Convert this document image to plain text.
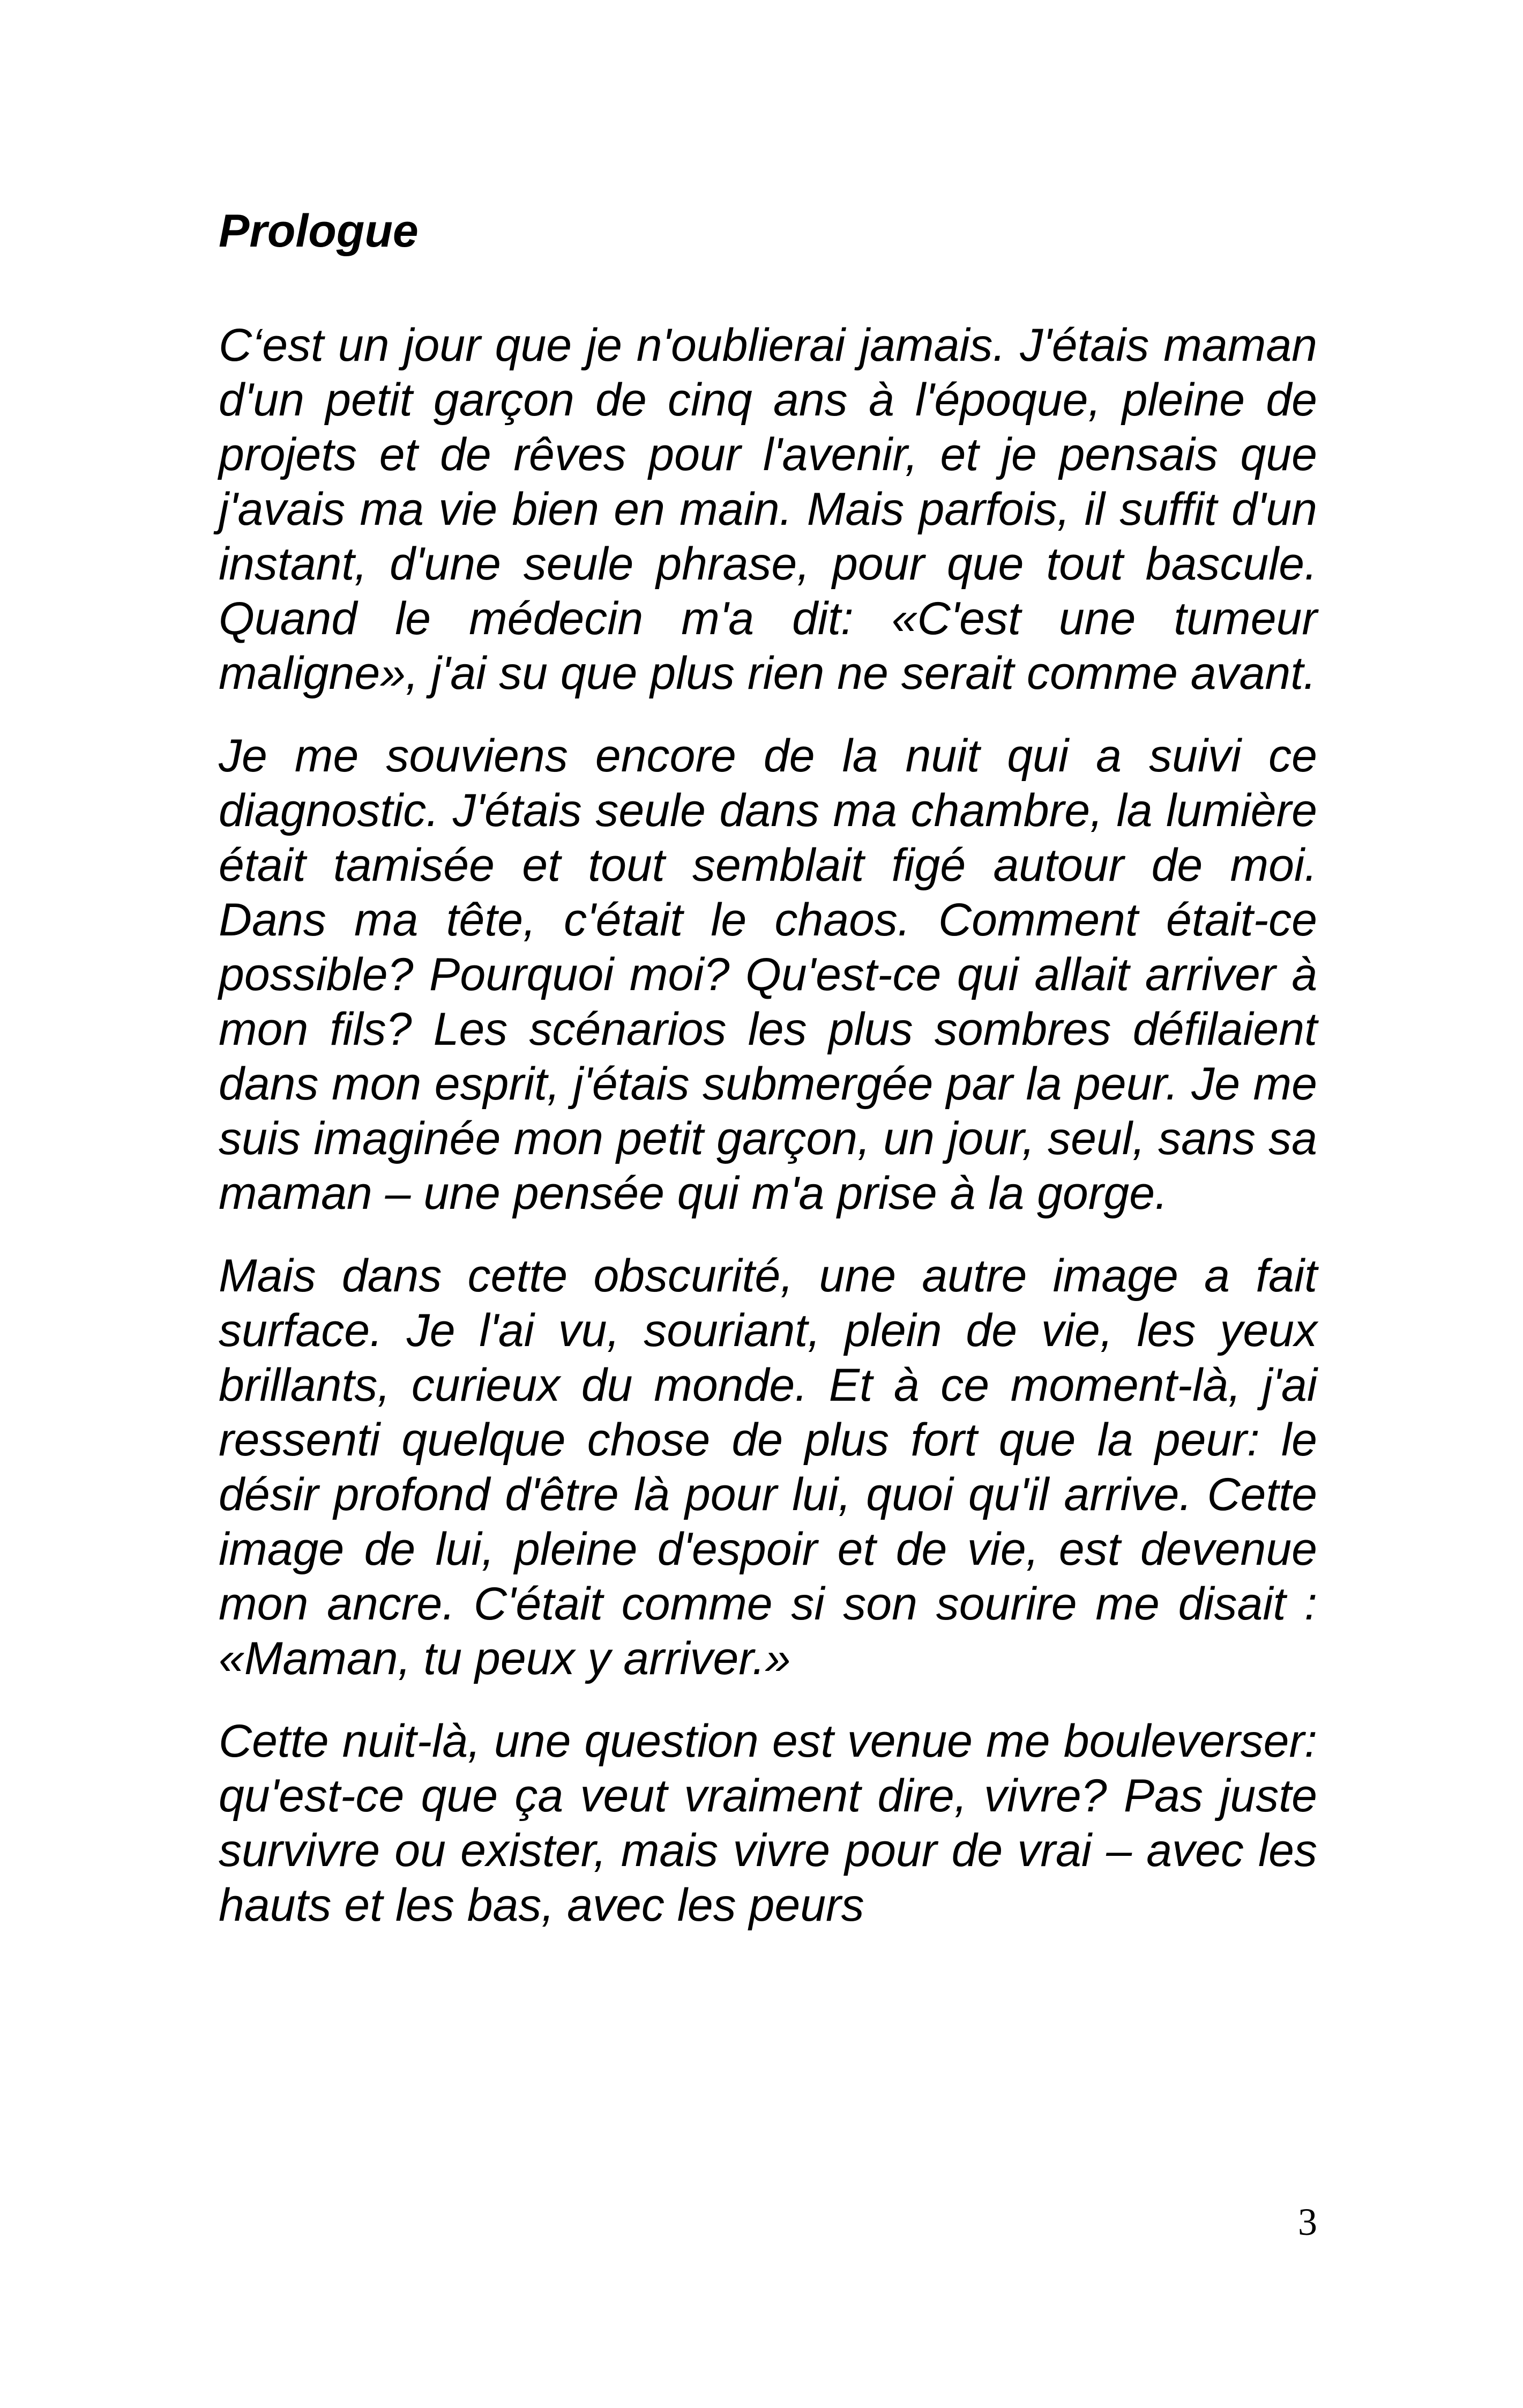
Prologue

C‘est un jour que je n'oublierai jamais. J'étais maman d'un petit garçon de cinq ans à l'époque, pleine de projets et de rêves pour l'avenir, et je pensais que j'avais ma vie bien en main. Mais parfois, il suffit d'un instant, d'une seule phrase, pour que tout bascule. Quand le médecin m'a dit: «C'est une tumeur maligne», j'ai su que plus rien ne serait comme avant.

Je me souviens encore de la nuit qui a suivi ce diagnostic. J'étais seule dans ma chambre, la lumière était tamisée et tout semblait figé autour de moi. Dans ma tête, c'était le chaos. Comment était-ce possible? Pourquoi moi? Qu'est-ce qui allait arriver à mon fils? Les scénarios les plus sombres défilaient dans mon esprit, j'étais submergée par la peur. Je me suis imaginée mon petit garçon, un jour, seul, sans sa maman – une pensée qui m'a prise à la gorge.

Mais dans cette obscurité, une autre image a fait surface. Je l'ai vu, souriant, plein de vie, les yeux brillants, curieux du monde. Et à ce moment-là, j'ai ressenti quelque chose de plus fort que la peur: le désir profond d'être là pour lui, quoi qu'il arrive. Cette image de lui, pleine d'espoir et de vie, est devenue mon ancre. C'était comme si son sourire me disait : «Maman, tu peux y arriver.»

Cette nuit-là, une question est venue me bouleverser: qu'est-ce que ça veut vraiment dire, vivre? Pas juste survivre ou exister, mais vivre pour de vrai – avec les hauts et les bas, avec les peurs

3
